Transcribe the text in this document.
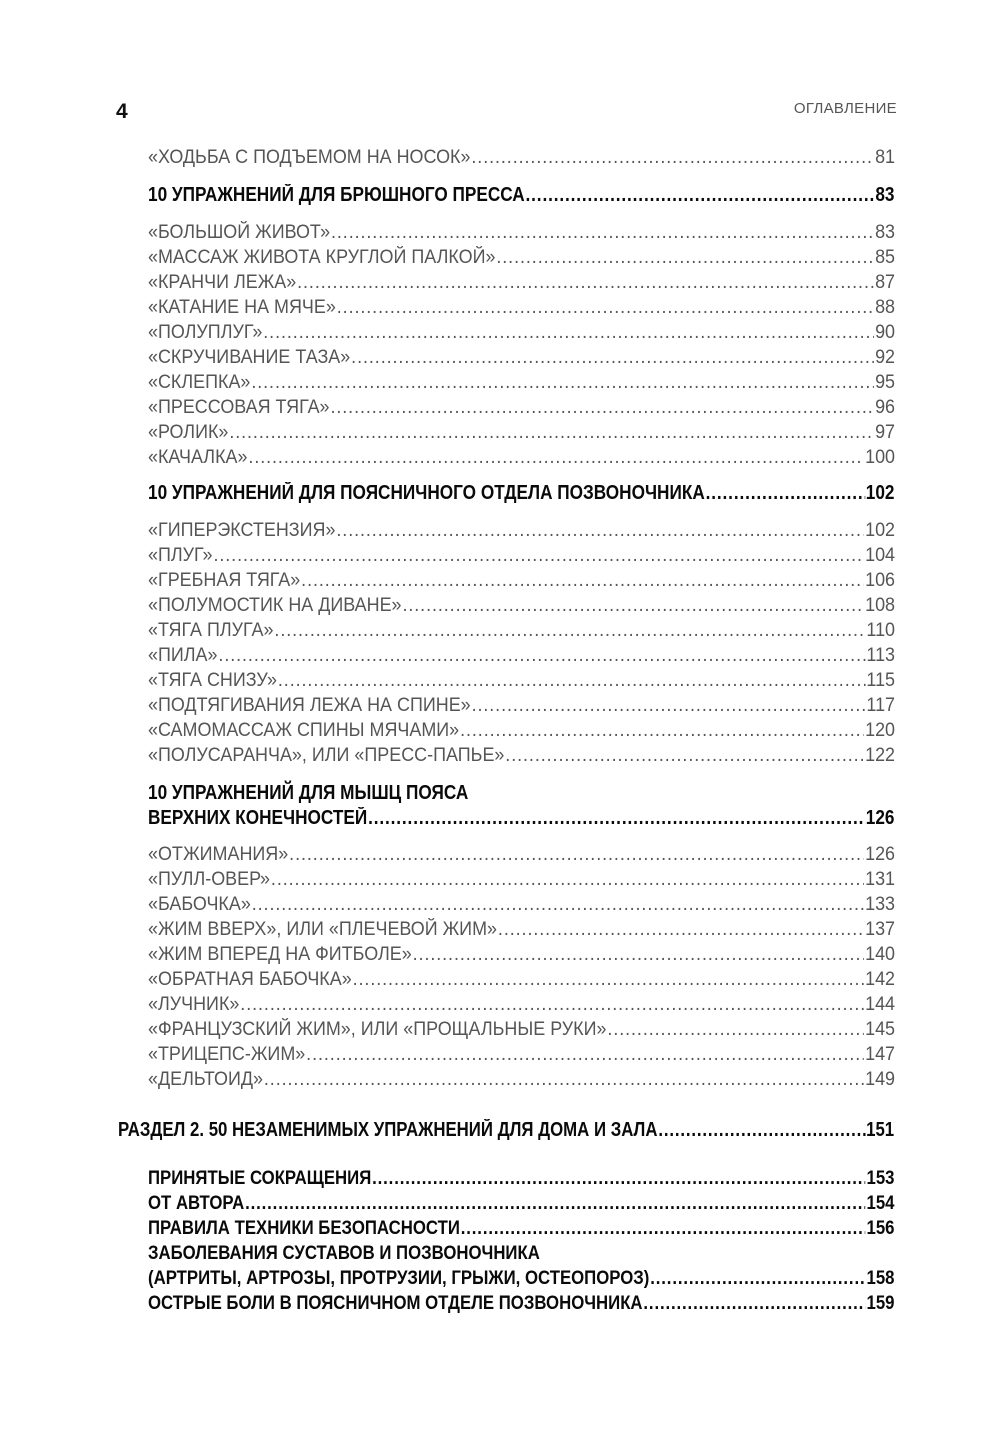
4	ОГЛАВЛЕНИЕ
«ХОДЬБА С ПОДЪЕМОМ НА НОСОК» .....	81
10 УПРАЖНЕНИЙ ДЛЯ БРЮШНОГО ПРЕССА .....	83
«БОЛЬШОЙ ЖИВОТ» .....	83
«МАССАЖ ЖИВОТА КРУГЛОЙ ПАЛКОЙ» .....	85
«КРАНЧИ ЛЕЖА» .....	87
«КАТАНИЕ НА МЯЧЕ» .....	88
«ПОЛУПЛУГ» .....	90
«СКРУЧИВАНИЕ ТАЗА» .....	92
«СКЛЕПКА» .....	95
«ПРЕССОВАЯ ТЯГА» .....	96
«РОЛИК» .....	97
«КАЧАЛКА» .....	100
10 УПРАЖНЕНИЙ ДЛЯ ПОЯСНИЧНОГО ОТДЕЛА ПОЗВОНОЧНИКА .....	102
«ГИПЕРЭКСТЕНЗИЯ» .....	102
«ПЛУГ» .....	104
«ГРЕБНАЯ ТЯГА» .....	106
«ПОЛУМОСТИК НА ДИВАНЕ» .....	108
«ТЯГА ПЛУГА» .....	110
«ПИЛА» .....	113
«ТЯГА СНИЗУ» .....	115
«ПОДТЯГИВАНИЯ ЛЕЖА НА СПИНЕ» .....	117
«САМОМАССАЖ СПИНЫ МЯЧАМИ» .....	120
«ПОЛУСАРАНЧА», ИЛИ «ПРЕСС-ПАПЬЕ» .....	122
10 УПРАЖНЕНИЙ ДЛЯ МЫШЦ ПОЯСА
ВЕРХНИХ КОНЕЧНОСТЕЙ .....	126
«ОТЖИМАНИЯ» .....	126
«ПУЛЛ-ОВЕР» .....	131
«БАБОЧКА» .....	133
«ЖИМ ВВЕРХ», ИЛИ «ПЛЕЧЕВОЙ ЖИМ» .....	137
«ЖИМ ВПЕРЕД НА ФИТБОЛЕ» .....	140
«ОБРАТНАЯ БАБОЧКА» .....	142
«ЛУЧНИК» .....	144
«ФРАНЦУЗСКИЙ ЖИМ», ИЛИ «ПРОЩАЛЬНЫЕ РУКИ» .....	145
«ТРИЦЕПС-ЖИМ» .....	147
«ДЕЛЬТОИД» .....	149
РАЗДЕЛ 2. 50 НЕЗАМЕНИМЫХ УПРАЖНЕНИЙ ДЛЯ ДОМА И ЗАЛА .....	151
ПРИНЯТЫЕ СОКРАЩЕНИЯ .....	153
ОТ АВТОРА .....	154
ПРАВИЛА ТЕХНИКИ БЕЗОПАСНОСТИ .....	156
ЗАБОЛЕВАНИЯ СУСТАВОВ И ПОЗВОНОЧНИКА
(АРТРИТЫ, АРТРОЗЫ, ПРОТРУЗИИ, ГРЫЖИ, ОСТЕОПОРОЗ) .....	158
ОСТРЫЕ БОЛИ В ПОЯСНИЧНОМ ОТДЕЛЕ ПОЗВОНОЧНИКА .....	159
